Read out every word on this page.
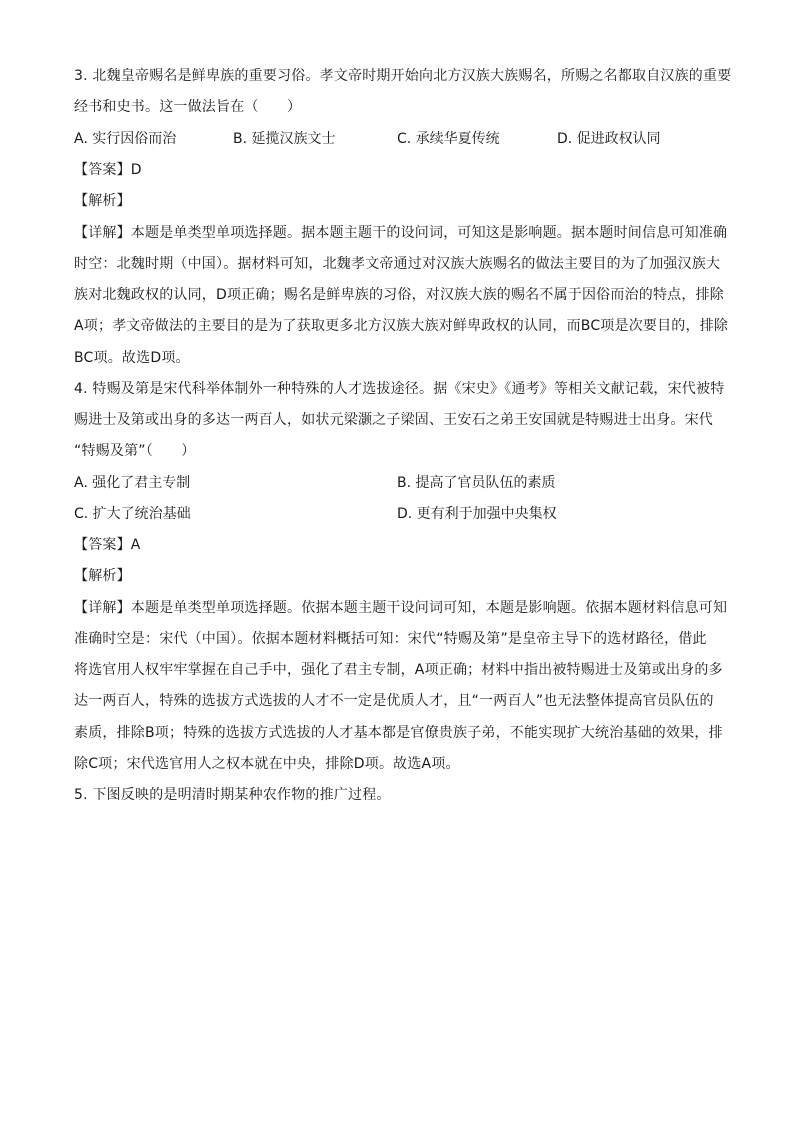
3. 北魏皇帝赐名是鲜卑族的重要习俗。孝文帝时期开始向北方汉族大族赐名，所赐之名都取自汉族的重要
经书和史书。这一做法旨在（　　）
A. 实行因俗而治	B. 延揽汉族文士	C. 承续华夏传统	D. 促进政权认同
【答案】D
【解析】
【详解】本题是单类型单项选择题。据本题主题干的设问词，可知这是影响题。据本题时间信息可知准确
时空：北魏时期（中国）。据材料可知，北魏孝文帝通过对汉族大族赐名的做法主要目的为了加强汉族大
族对北魏政权的认同，D项正确；赐名是鲜卑族的习俗，对汉族大族的赐名不属于因俗而治的特点，排除
A项；孝文帝做法的主要目的是为了获取更多北方汉族大族对鲜卑政权的认同，而BC项是次要目的，排除
BC项。故选D项。
4. 特赐及第是宋代科举体制外一种特殊的人才选拔途径。据《宋史》《通考》等相关文献记载，宋代被特
赐进士及第或出身的多达一两百人，如状元梁灏之子梁固、王安石之弟王安国就是特赐进士出身。宋代
“特赐及第”（　　）
A. 强化了君主专制	B. 提高了官员队伍的素质
C. 扩大了统治基础	D. 更有利于加强中央集权
【答案】A
【解析】
【详解】本题是单类型单项选择题。依据本题主题干设问词可知，本题是影响题。依据本题材料信息可知
准确时空是：宋代（中国）。依据本题材料概括可知：宋代“特赐及第”是皇帝主导下的选材路径，借此
将选官用人权牢牢掌握在自己手中，强化了君主专制，A项正确；材料中指出被特赐进士及第或出身的多
达一两百人，特殊的选拔方式选拔的人才不一定是优质人才，且“一两百人”也无法整体提高官员队伍的
素质，排除B项；特殊的选拔方式选拔的人才基本都是官僚贵族子弟，不能实现扩大统治基础的效果，排
除C项；宋代选官用人之权本就在中央，排除D项。故选A项。
5. 下图反映的是明清时期某种农作物的推广过程。
